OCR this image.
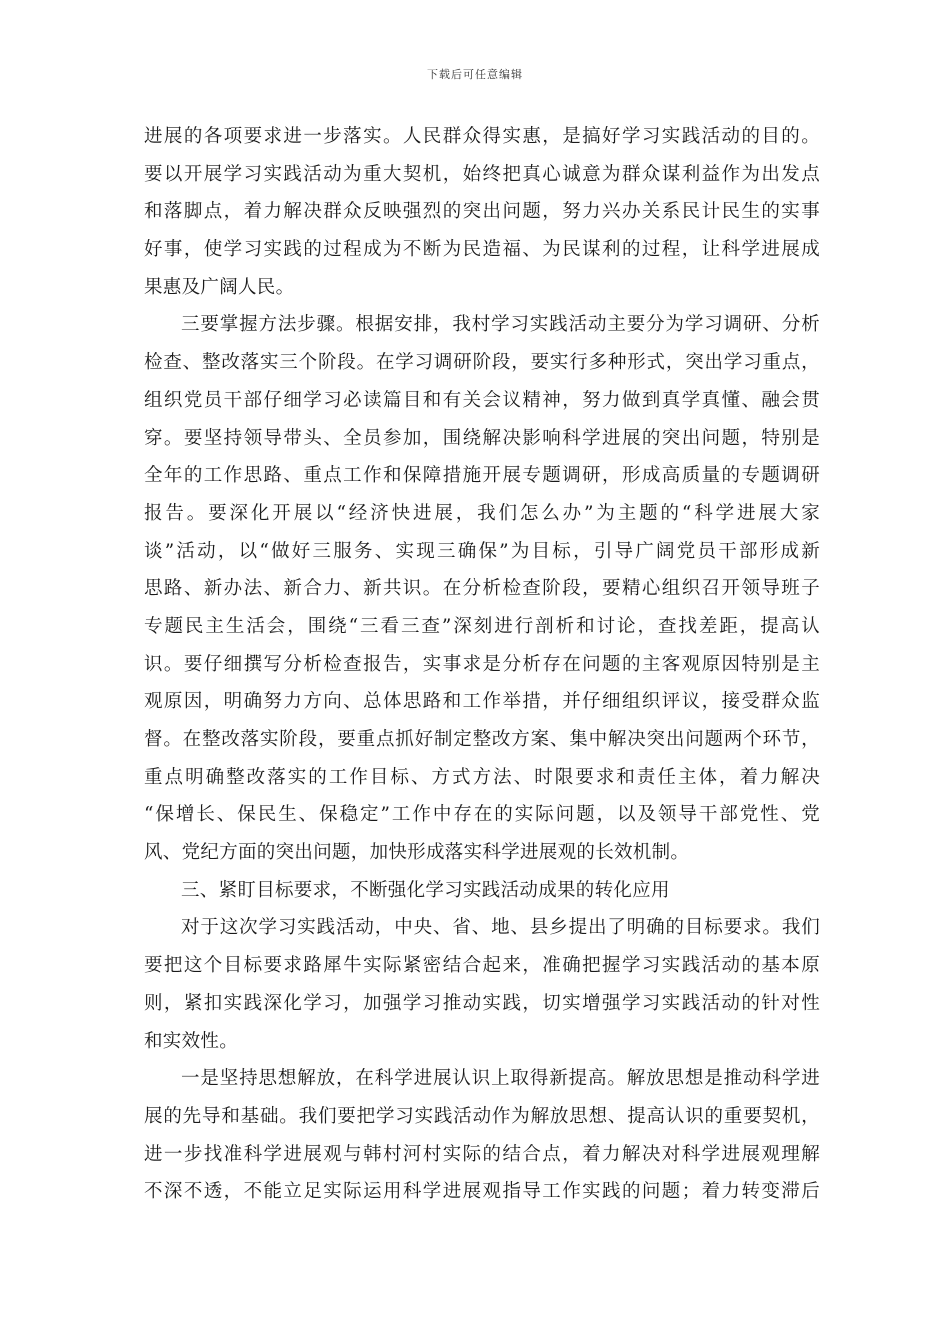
下载后可任意编辑
进展的各项要求进一步落实。人民群众得实惠，是搞好学习实践活动的目的。
要以开展学习实践活动为重大契机，始终把真心诚意为群众谋利益作为出发点
和落脚点，着力解决群众反映强烈的突出问题，努力兴办关系民计民生的实事
好事，使学习实践的过程成为不断为民造福、为民谋利的过程，让科学进展成
果惠及广阔人民。
三要掌握方法步骤。根据安排，我村学习实践活动主要分为学习调研、分析
检查、整改落实三个阶段。在学习调研阶段，要实行多种形式，突出学习重点，
组织党员干部仔细学习必读篇目和有关会议精神，努力做到真学真懂、融会贯
穿。要坚持领导带头、全员参加，围绕解决影响科学进展的突出问题，特别是
全年的工作思路、重点工作和保障措施开展专题调研，形成高质量的专题调研
报告。要深化开展以“经济快进展，我们怎么办”为主题的“科学进展大家
谈”活动，以“做好三服务、实现三确保”为目标，引导广阔党员干部形成新
思路、新办法、新合力、新共识。在分析检查阶段，要精心组织召开领导班子
专题民主生活会，围绕“三看三查”深刻进行剖析和讨论，查找差距，提高认
识。要仔细撰写分析检查报告，实事求是分析存在问题的主客观原因特别是主
观原因，明确努力方向、总体思路和工作举措，并仔细组织评议，接受群众监
督。在整改落实阶段，要重点抓好制定整改方案、集中解决突出问题两个环节，
重点明确整改落实的工作目标、方式方法、时限要求和责任主体，着力解决
“保增长、保民生、保稳定”工作中存在的实际问题，以及领导干部党性、党
风、党纪方面的突出问题，加快形成落实科学进展观的长效机制。
三、紧盯目标要求，不断强化学习实践活动成果的转化应用
对于这次学习实践活动，中央、省、地、县乡提出了明确的目标要求。我们
要把这个目标要求路犀牛实际紧密结合起来，准确把握学习实践活动的基本原
则，紧扣实践深化学习，加强学习推动实践，切实增强学习实践活动的针对性
和实效性。
一是坚持思想解放，在科学进展认识上取得新提高。解放思想是推动科学进
展的先导和基础。我们要把学习实践活动作为解放思想、提高认识的重要契机，
进一步找准科学进展观与韩村河村实际的结合点，着力解决对科学进展观理解
不深不透，不能立足实际运用科学进展观指导工作实践的问题；着力转变滞后
